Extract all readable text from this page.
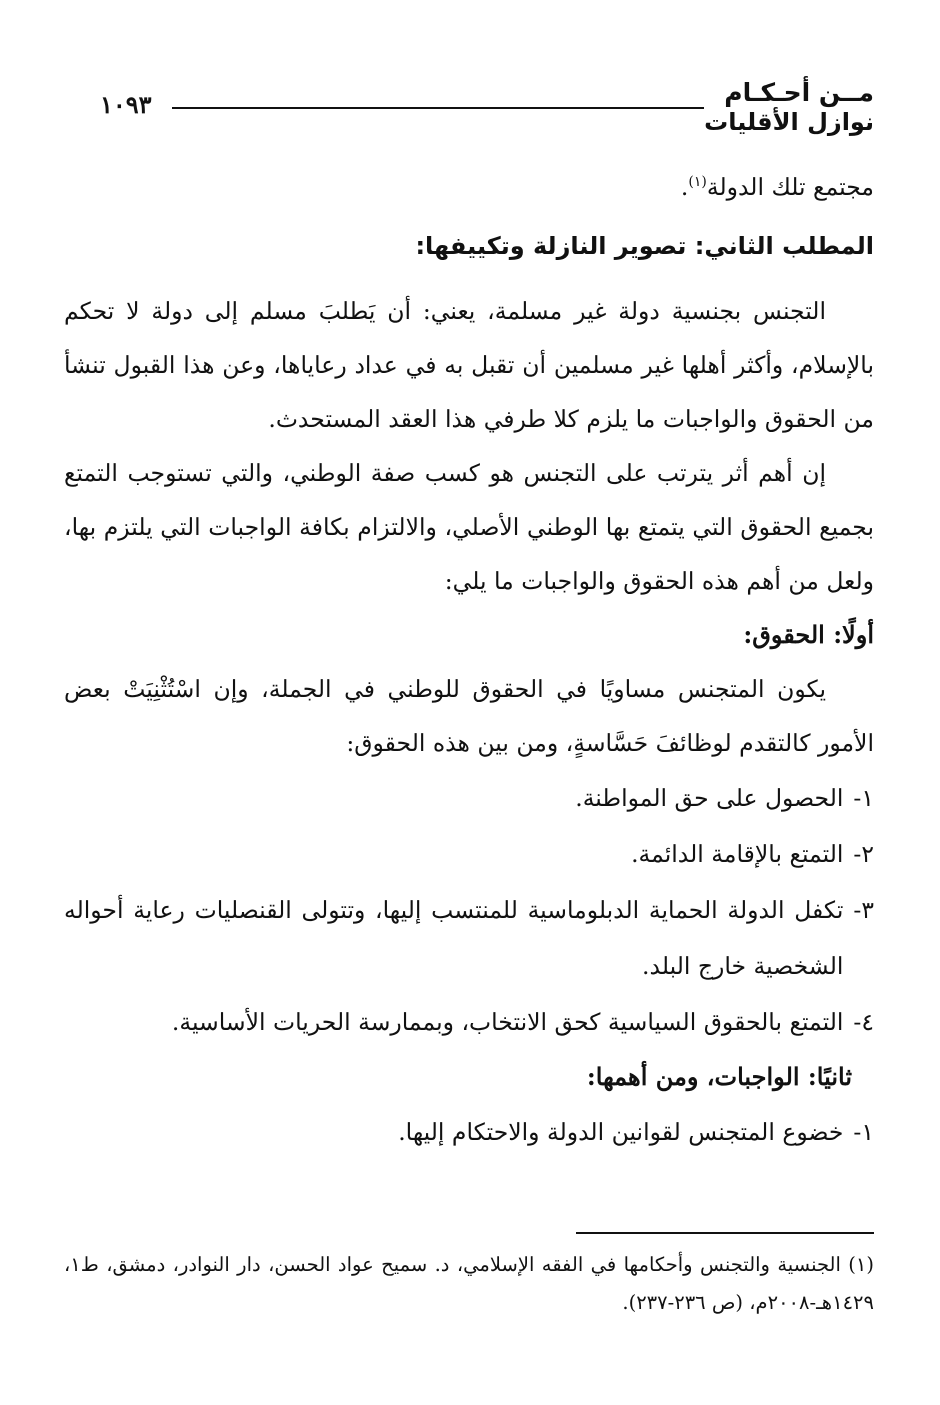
مــن أحـكـام
نوازل الأقليات
١٠٩٣

مجتمع تلك الدولة$^{(١)}$.

المطلب الثاني: تصوير النازلة وتكييفها:

التجنس بجنسية دولة غير مسلمة، يعني: أن يَطلبَ مسلم إلى دولة لا تحكم بالإسلام، وأكثر أهلها غير مسلمين أن تقبل به في عداد رعاياها، وعن هذا القبول تنشأ من الحقوق والواجبات ما يلزم كلا طرفي هذا العقد المستحدث.

إن أهم أثر يترتب على التجنس هو كسب صفة الوطني، والتي تستوجب التمتع بجميع الحقوق التي يتمتع بها الوطني الأصلي، والالتزام بكافة الواجبات التي يلتزم بها، ولعل من أهم هذه الحقوق والواجبات ما يلي:

أولًا: الحقوق:

يكون المتجنس مساويًا في الحقوق للوطني في الجملة، وإن اسْتُثْنِيَتْ بعض الأمور كالتقدم لوظائفَ حَسَّاسةٍ، ومن بين هذه الحقوق:

١-
الحصول على حق المواطنة.
٢-
التمتع بالإقامة الدائمة.
٣-
تكفل الدولة الحماية الدبلوماسية للمنتسب إليها، وتتولى القنصليات رعاية أحواله الشخصية خارج البلد.
٤-
التمتع بالحقوق السياسية كحق الانتخاب، وبممارسة الحريات الأساسية.
ثانيًا: الواجبات، ومن أهمها:
١-
خضوع المتجنس لقوانين الدولة والاحتكام إليها.
(١) الجنسية والتجنس وأحكامها في الفقه الإسلامي، د. سميح عواد الحسن، دار النوادر، دمشق، ط١، ١٤٢٩هـ-٢٠٠٨م، (ص ٢٣٦-٢٣٧).
